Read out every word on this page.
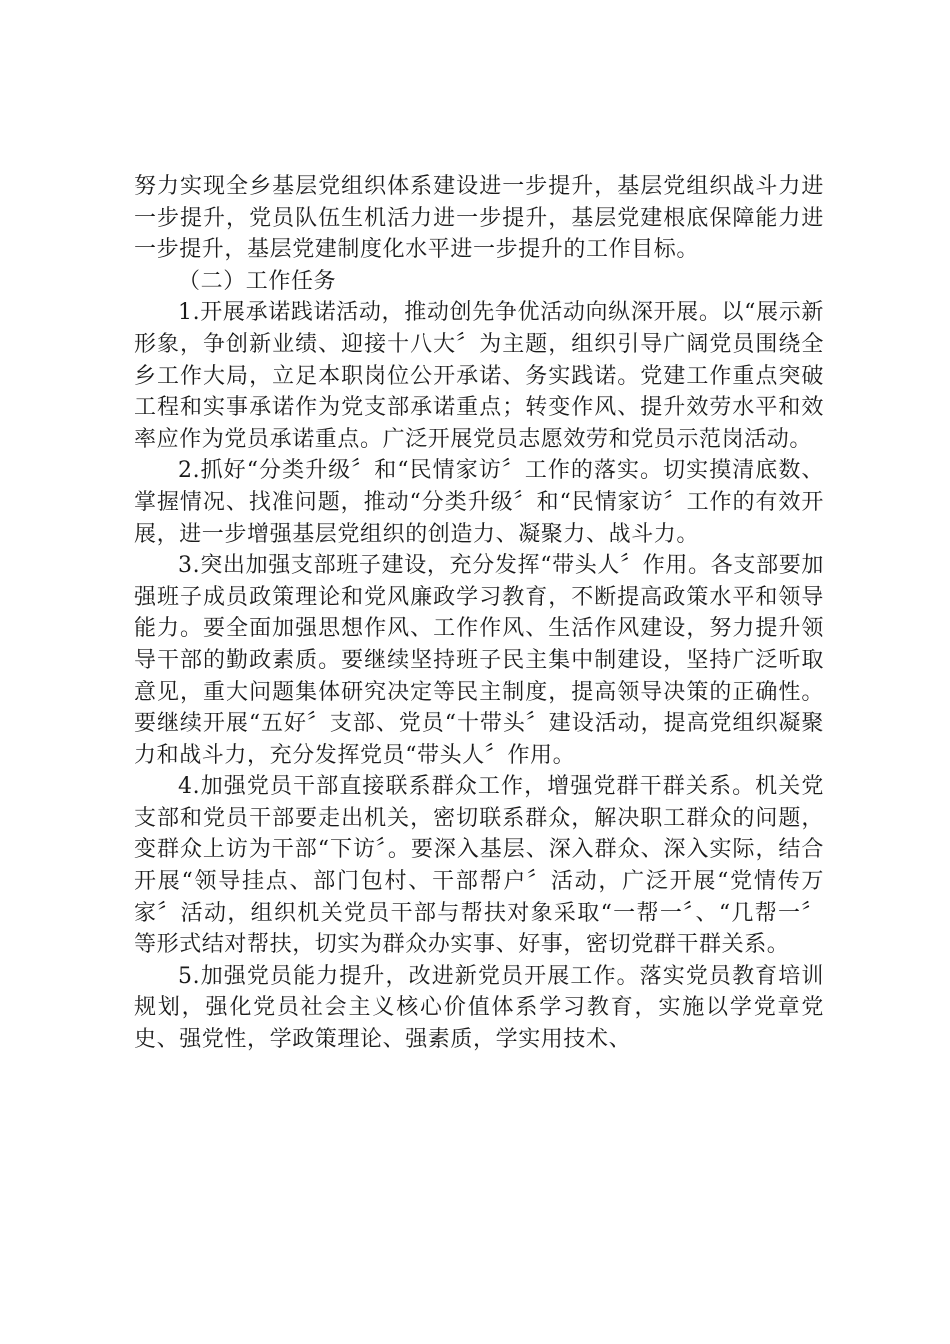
努力实现全乡基层党组织体系建设进一步提升，基层党组织战斗力进一步提升，党员队伍生机活力进一步提升，基层党建根底保障能力进一步提升，基层党建制度化水平进一步提升的工作目标。

（二）工作任务

1.开展承诺践诺活动，推动创先争优活动向纵深开展。以“展示新形象，争创新业绩、迎接十八大〞为主题，组织引导广阔党员围绕全乡工作大局，立足本职岗位公开承诺、务实践诺。党建工作重点突破工程和实事承诺作为党支部承诺重点；转变作风、提升效劳水平和效率应作为党员承诺重点。广泛开展党员志愿效劳和党员示范岗活动。

2.抓好“分类升级〞和“民情家访〞工作的落实。切实摸清底数、掌握情况、找准问题，推动“分类升级〞和“民情家访〞工作的有效开展，进一步增强基层党组织的创造力、凝聚力、战斗力。

3.突出加强支部班子建设，充分发挥“带头人〞作用。各支部要加强班子成员政策理论和党风廉政学习教育，不断提高政策水平和领导能力。要全面加强思想作风、工作作风、生活作风建设，努力提升领导干部的勤政素质。要继续坚持班子民主集中制建设，坚持广泛听取意见，重大问题集体研究决定等民主制度，提高领导决策的正确性。要继续开展“五好〞支部、党员“十带头〞建设活动，提高党组织凝聚力和战斗力，充分发挥党员“带头人〞作用。

4.加强党员干部直接联系群众工作，增强党群干群关系。机关党支部和党员干部要走出机关，密切联系群众，解决职工群众的问题，变群众上访为干部“下访〞。要深入基层、深入群众、深入实际，结合开展“领导挂点、部门包村、干部帮户〞活动，广泛开展“党情传万家〞活动，组织机关党员干部与帮扶对象采取“一帮一〞、“几帮一〞等形式结对帮扶，切实为群众办实事、好事，密切党群干群关系。

5.加强党员能力提升，改进新党员开展工作。落实党员教育培训规划，强化党员社会主义核心价值体系学习教育，实施以学党章党史、强党性，学政策理论、强素质，学实用技术、
